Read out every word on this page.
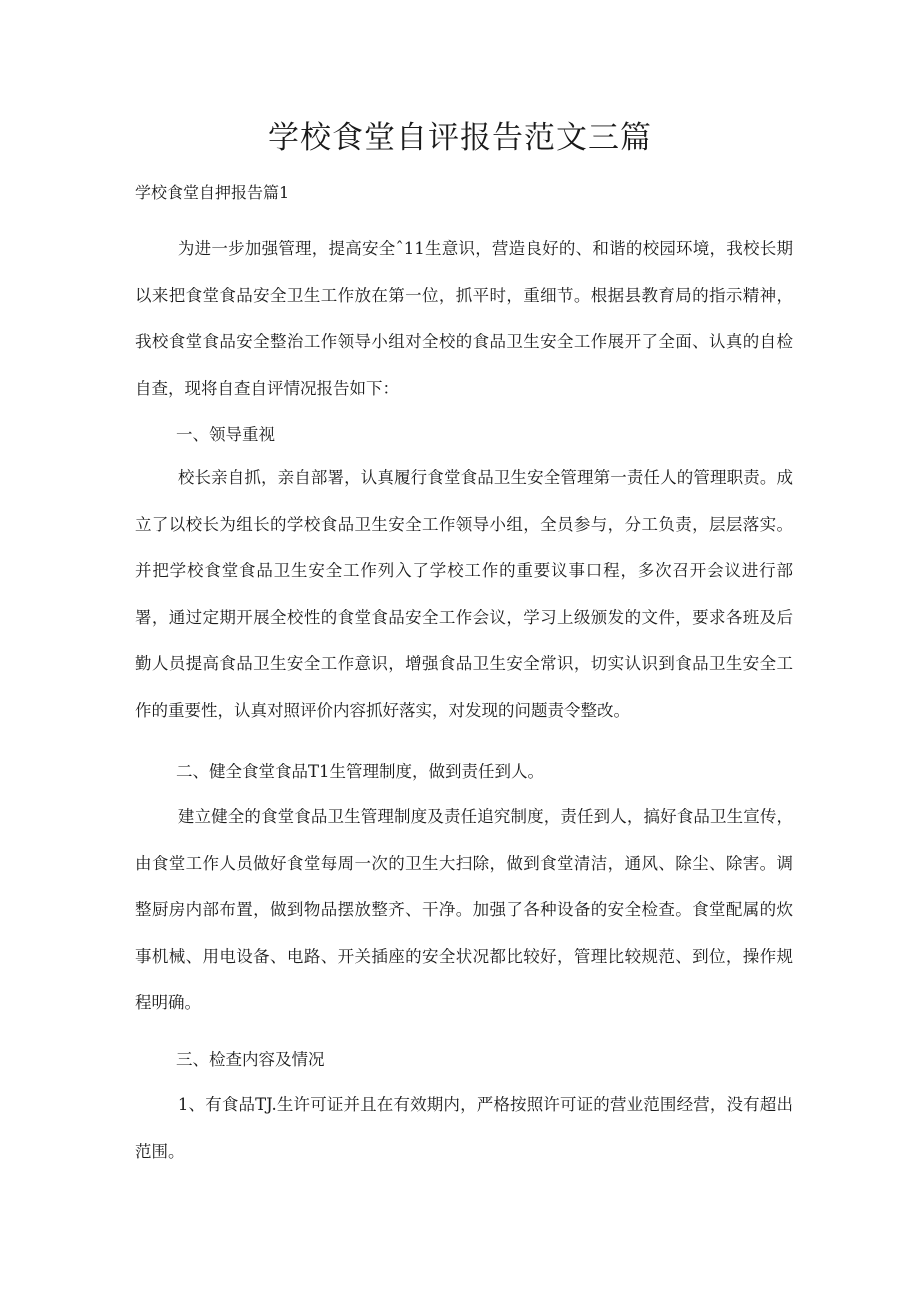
学校食堂自评报告范文三篇

学校食堂自押报告篇1

为进一步加强管理，提高安全ˆ11生意识，营造良好的、和谐的校园环境，我校长期以来把食堂食品安全卫生工作放在第一位，抓平时，重细节。根据县教育局的指示精神，我校食堂食品安全整治工作领导小组对全校的食品卫生安全工作展开了全面、认真的自检自查，现将自查自评情况报告如下：

一、领导重视

校长亲自抓，亲自部署，认真履行食堂食品卫生安全管理第一责任人的管理职责。成立了以校长为组长的学校食品卫生安全工作领导小组，全员参与，分工负责，层层落实。并把学校食堂食品卫生安全工作列入了学校工作的重要议事口程，多次召开会议进行部署，通过定期开展全校性的食堂食品安全工作会议，学习上级颁发的文件，要求各班及后勤人员提高食品卫生安全工作意识，增强食品卫生安全常识，切实认识到食品卫生安全工作的重要性，认真对照评价内容抓好落实，对发现的问题责令整改。

二、健全食堂食品T1生管理制度，做到责任到人。

建立健全的食堂食品卫生管理制度及责任追究制度，责任到人，搞好食品卫生宣传，由食堂工作人员做好食堂每周一次的卫生大扫除，做到食堂清洁，通风、除尘、除害。调整厨房内部布置，做到物品摆放整齐、干净。加强了各种设备的安全检查。食堂配属的炊事机械、用电设备、电路、开关插座的安全状况都比较好，管理比较规范、到位，操作规程明确。

三、检查内容及情况

1、有食品TJ.生许可证并且在有效期内，严格按照许可证的营业范围经营，没有超出范围。
